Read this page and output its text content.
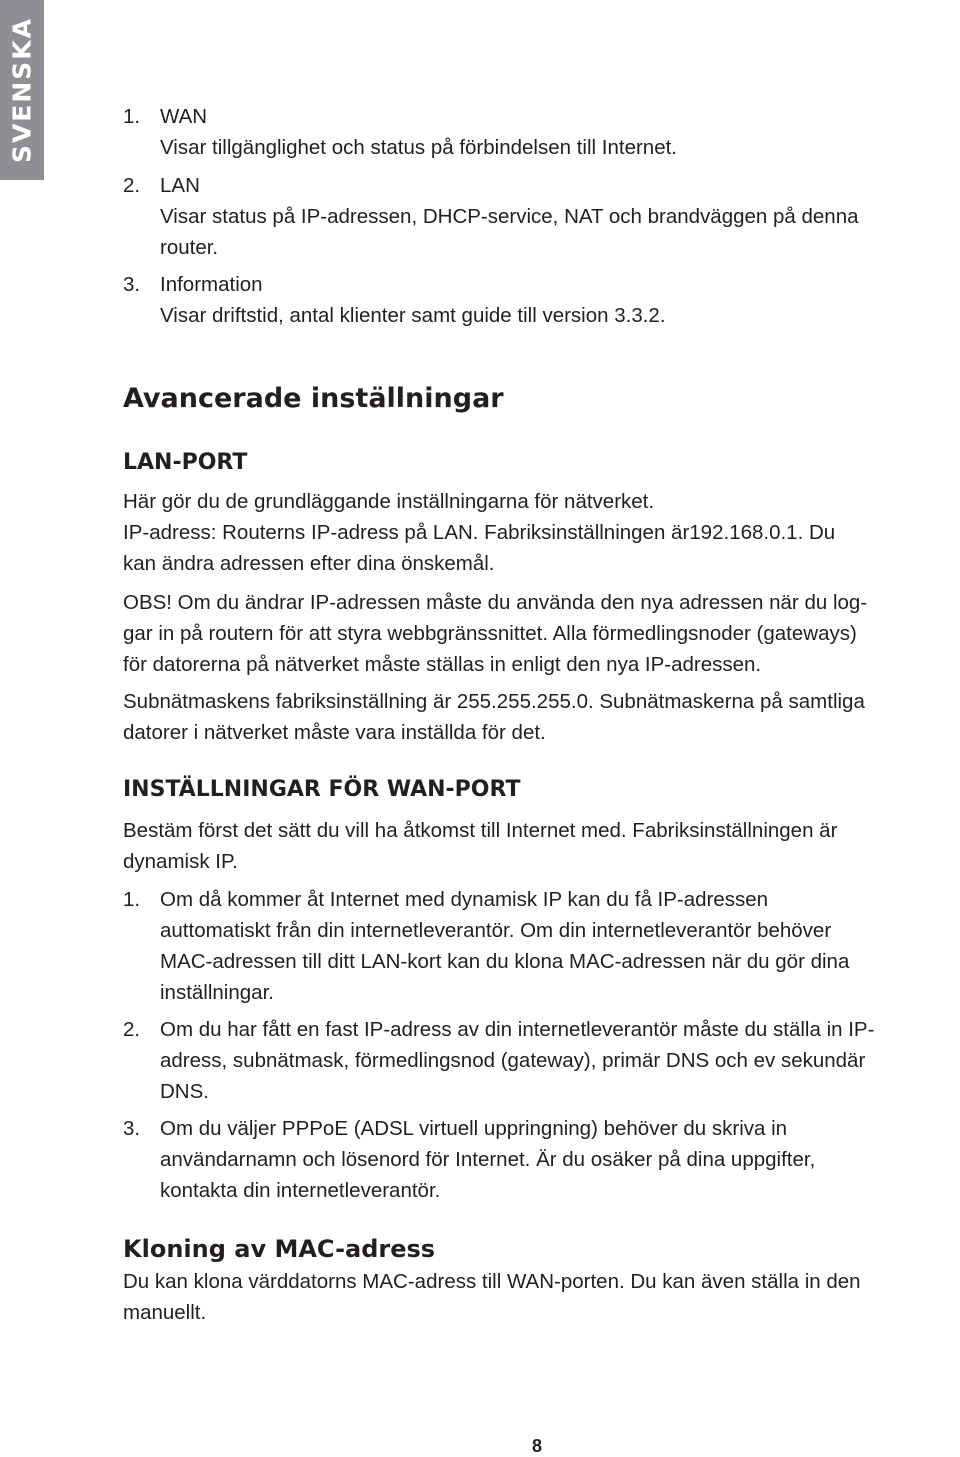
SVENSKA	1. WAN
Visar tillgänglighet och status på förbindelsen till Internet.
2. LAN
Visar status på IP-adressen, DHCP-service, NAT och brandväggen på denna
router.
3. Information
Visar driftstid, antal klienter samt guide till version 3.3.2.
Avancerade inställningar
LAN-PORT
Här gör du de grundläggande inställningarna för nätverket.
IP-adress: Routerns IP-adress på LAN. Fabriksinställningen är192.168.0.1. Du
kan ändra adressen efter dina önskemål.
OBS! Om du ändrar IP-adressen måste du använda den nya adressen när du log-
gar in på routern för att styra webbgränssnittet. Alla förmedlingsnoder (gateways)
för datorerna på nätverket måste ställas in enligt den nya IP-adressen.
Subnätmaskens fabriksinställning är 255.255.255.0. Subnätmaskerna på samtliga
datorer i nätverket måste vara inställda för det.
INSTÄLLNINGAR FÖR WAN-PORT
Bestäm först det sätt du vill ha åtkomst till Internet med. Fabriksinställningen är
dynamisk IP.
1. Om då kommer åt Internet med dynamisk IP kan du få IP-adressen
auttomatiskt från din internetleverantör. Om din internetleverantör behöver
MAC-adressen till ditt LAN-kort kan du klona MAC-adressen när du gör dina
inställningar.
2. Om du har fått en fast IP-adress av din internetleverantör måste du ställa in IP-
adress, subnätmask, förmedlingsnod (gateway), primär DNS och ev sekundär
DNS.
3. Om du väljer PPPoE (ADSL virtuell uppringning) behöver du skriva in
användarnamn och lösenord för Internet. Är du osäker på dina uppgifter,
kontakta din internetleverantör.
Kloning av MAC-adress
Du kan klona värddatorns MAC-adress till WAN-porten. Du kan även ställa in den
manuellt.
8
